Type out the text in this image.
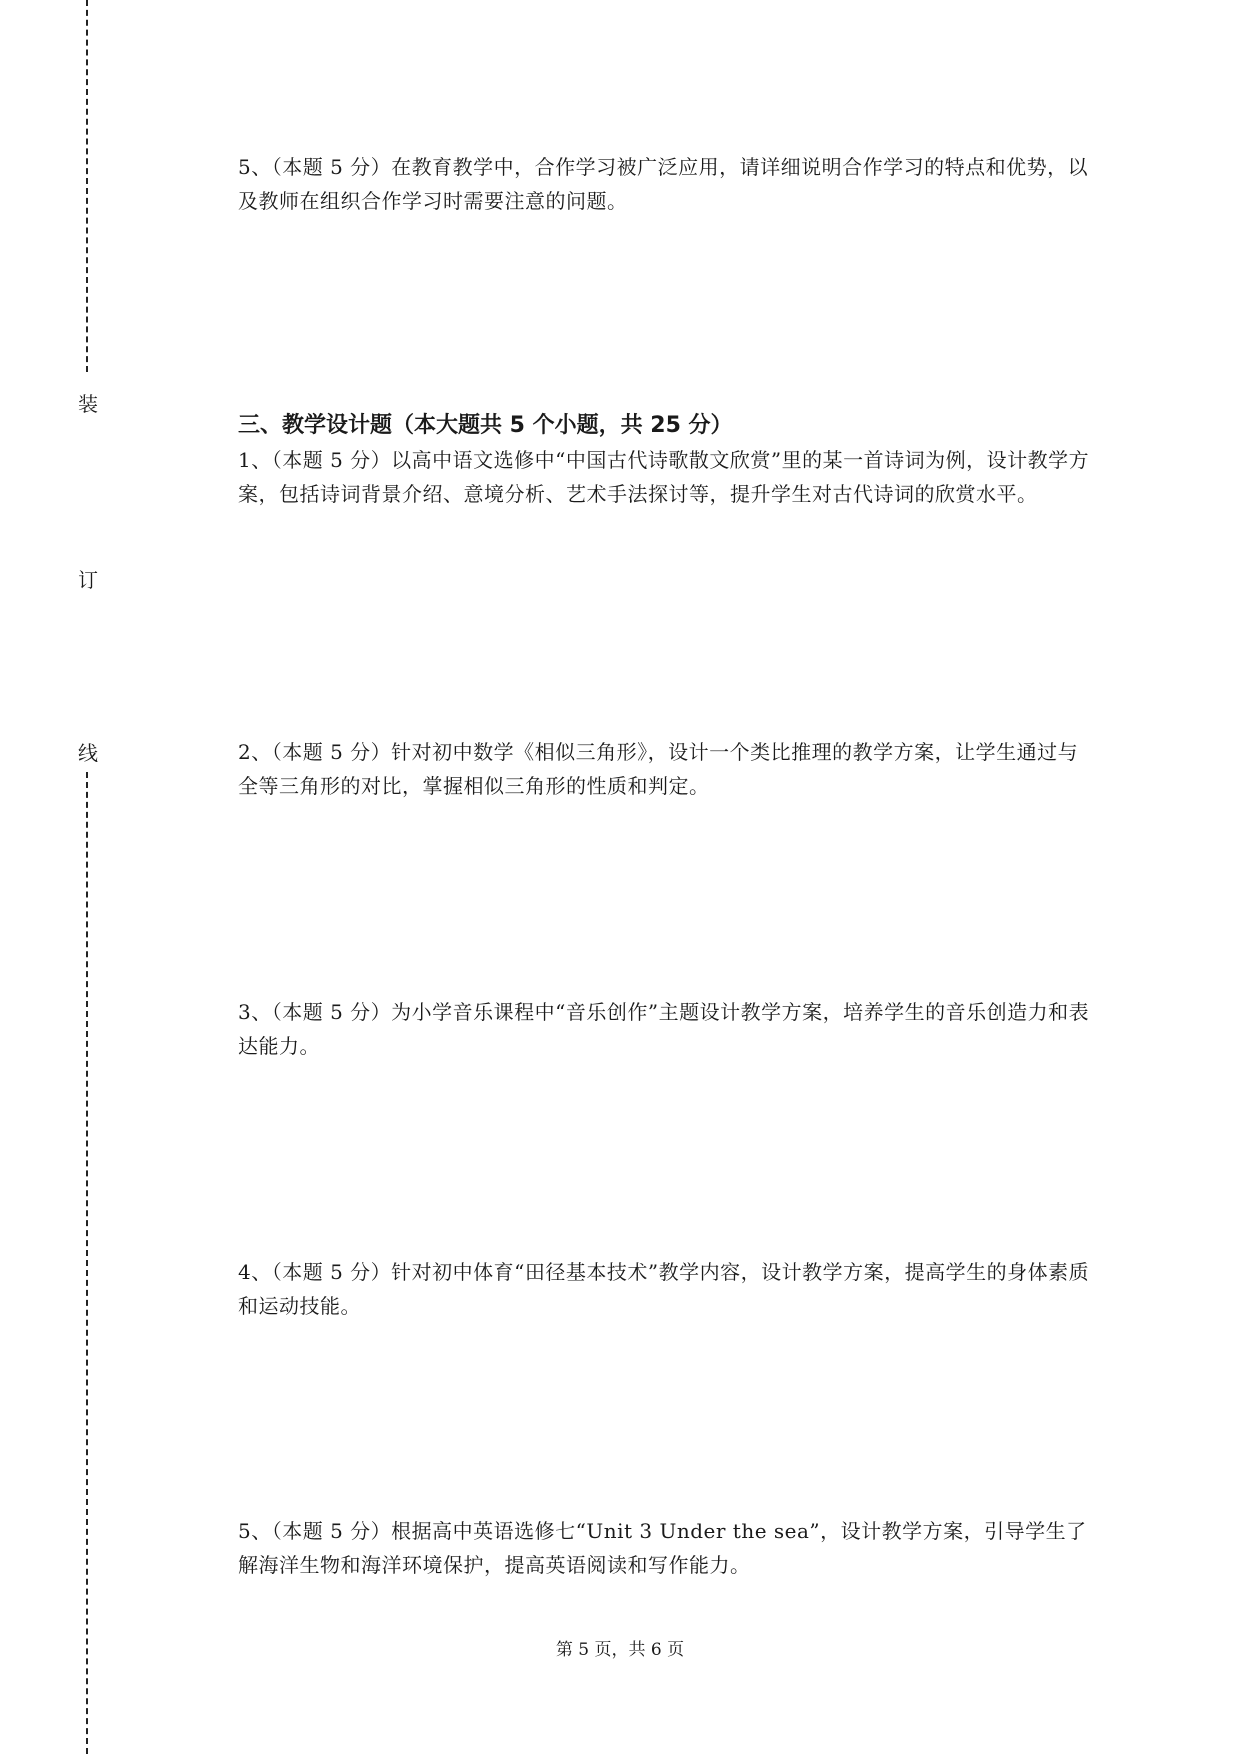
装
订
线

5、（本题 5 分）在教育教学中，合作学习被广泛应用，请详细说明合作学习的特点和优势，以及教师在组织合作学习时需要注意的问题。

三、教学设计题（本大题共 5 个小题，共 25 分）

1、（本题 5 分）以高中语文选修中“中国古代诗歌散文欣赏”里的某一首诗词为例，设计教学方案，包括诗词背景介绍、意境分析、艺术手法探讨等，提升学生对古代诗词的欣赏水平。

2、（本题 5 分）针对初中数学《相似三角形》，设计一个类比推理的教学方案，让学生通过与全等三角形的对比，掌握相似三角形的性质和判定。

3、（本题 5 分）为小学音乐课程中“音乐创作”主题设计教学方案，培养学生的音乐创造力和表达能力。

4、（本题 5 分）针对初中体育“田径基本技术”教学内容，设计教学方案，提高学生的身体素质和运动技能。

5、（本题 5 分）根据高中英语选修七“Unit 3 Under the sea”，设计教学方案，引导学生了解海洋生物和海洋环境保护，提高英语阅读和写作能力。

第 5 页，共 6 页
